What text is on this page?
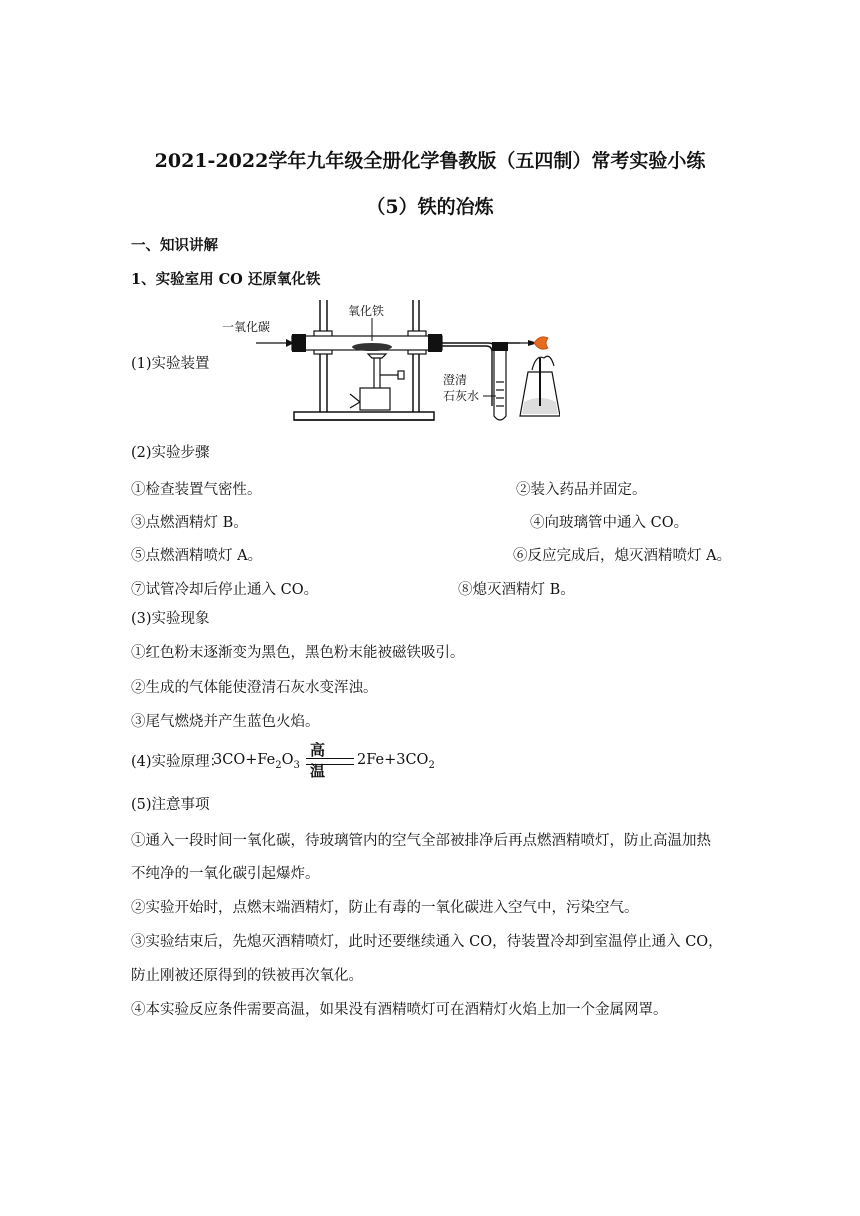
2021-2022学年九年级全册化学鲁教版（五四制）常考实验小练
（5）铁的冶炼
一、知识讲解
1、实验室用 CO 还原氧化铁
(1)实验装置
一氧化碳
氧化铁
澄清
石灰水
(2)实验步骤
①检查装置气密性。	②装入药品并固定。
③点燃酒精灯 B。	④向玻璃管中通入 CO。
⑤点燃酒精喷灯 A。	⑥反应完成后，熄灭酒精喷灯 A。
⑦试管冷却后停止通入 CO。	⑧熄灭酒精灯 B。
(3)实验现象
①红色粉末逐渐变为黑色，黑色粉末能被磁铁吸引。
②生成的气体能使澄清石灰水变浑浊。
③尾气燃烧并产生蓝色火焰。
(4)实验原理：
$3CO+Fe_2O_3$
高温
$2Fe+3CO_2$
(5)注意事项
①通入一段时间一氧化碳，待玻璃管内的空气全部被排净后再点燃酒精喷灯，防止高温加热
不纯净的一氧化碳引起爆炸。
②实验开始时，点燃末端酒精灯，防止有毒的一氧化碳进入空气中，污染空气。
③实验结束后，先熄灭酒精喷灯，此时还要继续通入 CO，待装置冷却到室温停止通入 CO，
防止刚被还原得到的铁被再次氧化。
④本实验反应条件需要高温，如果没有酒精喷灯可在酒精灯火焰上加一个金属网罩。
